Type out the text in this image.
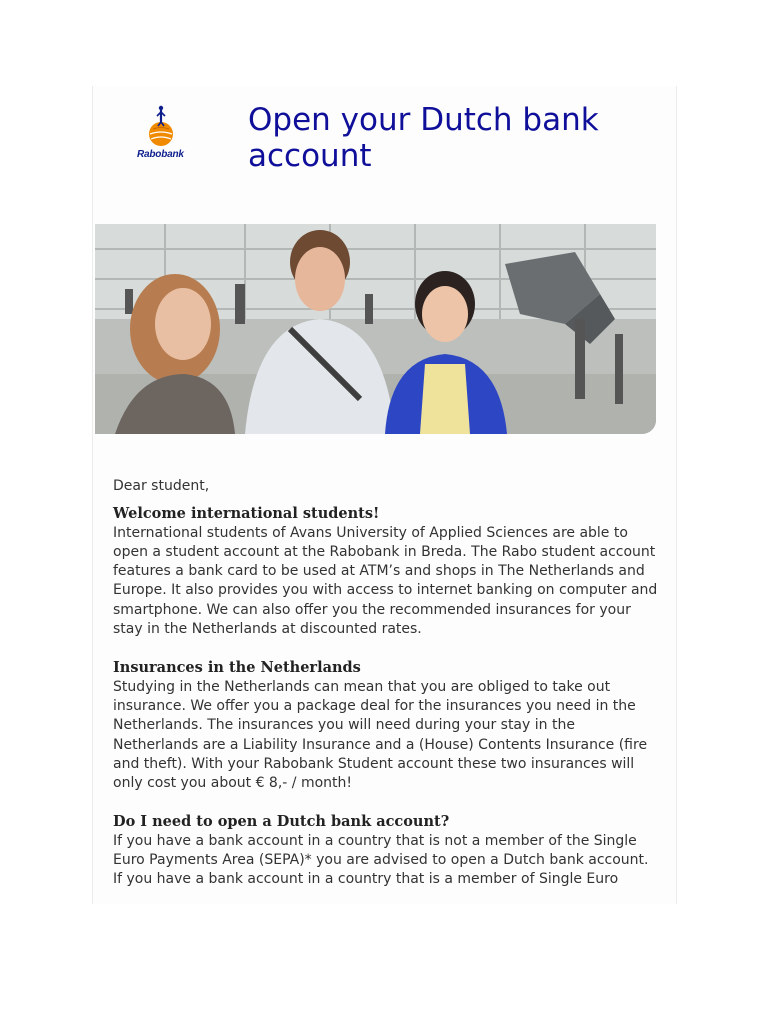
Rabobank
Open your Dutch bank account

Dear student,

Welcome international students!

International students of Avans University of Applied Sciences are able to open a student account at the Rabobank in Breda. The Rabo student account features a bank card to be used at ATM’s and shops in The Netherlands and Europe. It also provides you with access to internet banking on computer and smartphone. We can also offer you the recommended insurances for your stay in the Netherlands at discounted rates.

Insurances in the Netherlands

Studying in the Netherlands can mean that you are obliged to take out insurance. We offer you a package deal for the insurances you need in the Netherlands. The insurances you will need during your stay in the Netherlands are a Liability Insurance and a (House) Contents Insurance (fire and theft). With your Rabobank Student account these two insurances will only cost you about € 8,- / month!

Do I need to open a Dutch bank account?

If you have a bank account in a country that is not a member of the Single Euro Payments Area (SEPA)* you are advised to open a Dutch bank account. If you have a bank account in a country that is a member of Single Euro
